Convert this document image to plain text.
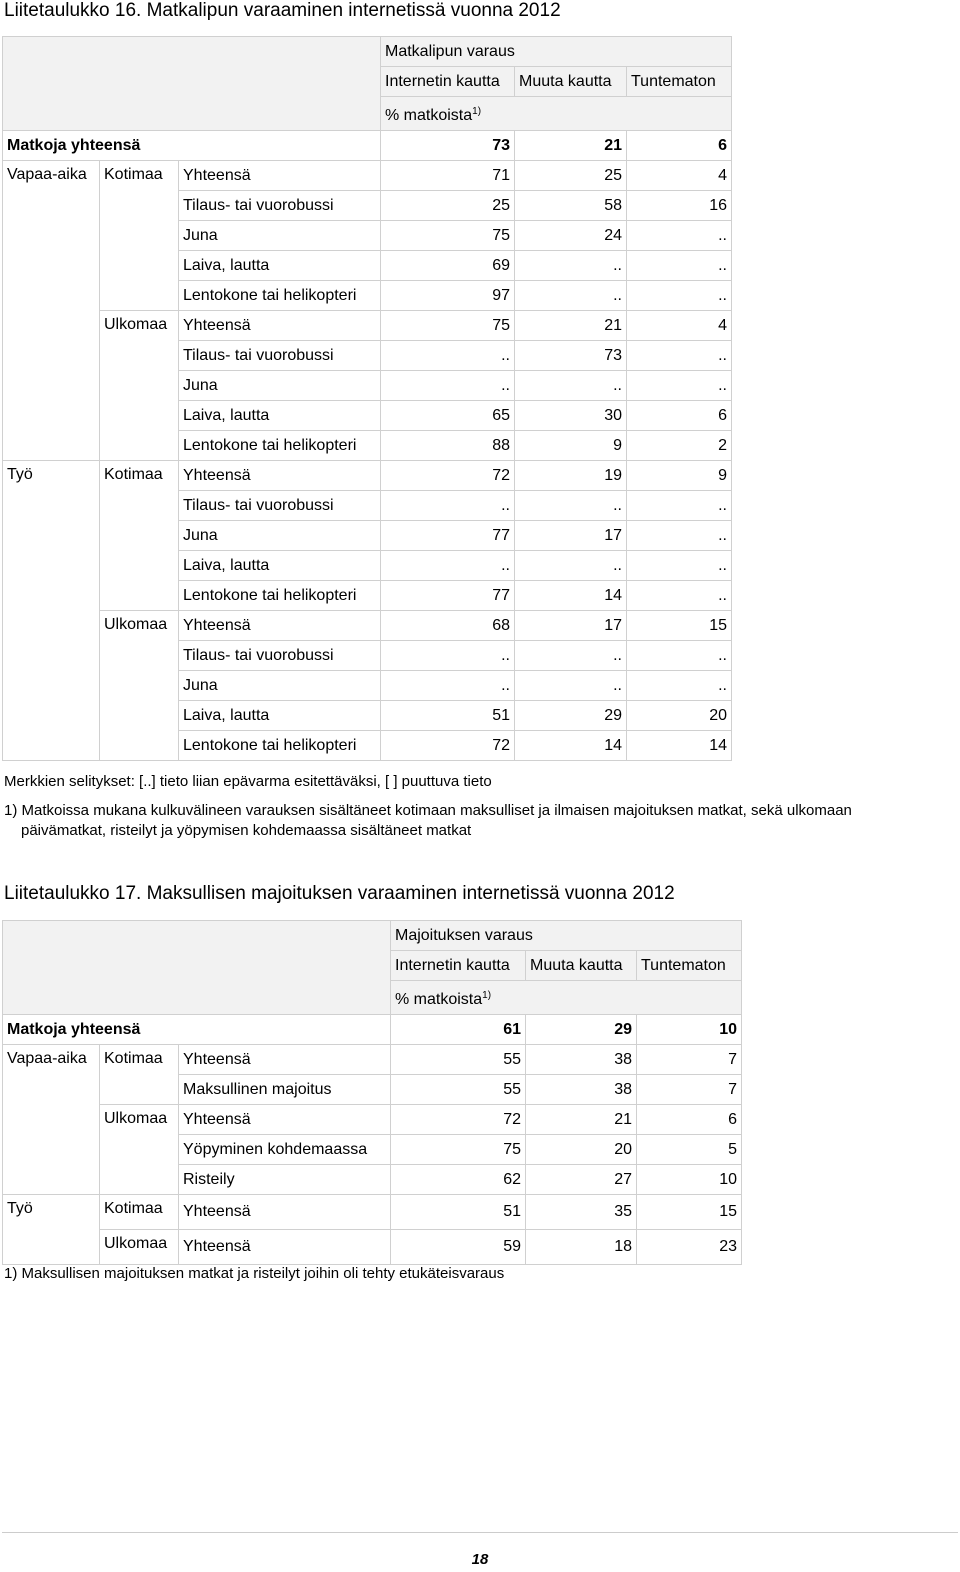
Liitetaulukko 16. Matkalipun varaaminen internetissä vuonna 2012
			Matkalipun varaus		
			Internetin kautta	Muuta kautta	Tuntematon
			% matkoista$^{1)}$
Matkoja yhteensä			73	21	6
Vapaa-aika	Kotimaa	Yhteensä	71	25	4
		Tilaus- tai vuorobussi	25	58	16
		Juna	75	24	..
		Laiva, lautta	69	..	..
		Lentokone tai helikopteri	97	..	..
	Ulkomaa	Yhteensä	75	21	4
		Tilaus- tai vuorobussi	..	73	..
		Juna	..	..	..
		Laiva, lautta	65	30	6
		Lentokone tai helikopteri	88	9	2
Työ	Kotimaa	Yhteensä	72	19	9
		Tilaus- tai vuorobussi	..	..	..
		Juna	77	17	..
		Laiva, lautta	..	..	..
		Lentokone tai helikopteri	77	14	..
	Ulkomaa	Yhteensä	68	17	15
		Tilaus- tai vuorobussi	..	..	..
		Juna	..	..	..
		Laiva, lautta	51	29	20
		Lentokone tai helikopteri	72	14	14
Merkkien selitykset: [..] tieto liian epävarma esitettäväksi, [ ] puuttuva tieto
1) Matkoissa mukana kulkuvälineen varauksen sisältäneet kotimaan maksulliset ja ilmaisen majoituksen matkat, sekä ulkomaan
päivämatkat, risteilyt ja yöpymisen kohdemaassa sisältäneet matkat
Liitetaulukko 17. Maksullisen majoituksen varaaminen internetissä vuonna 2012
			Majoituksen varaus		
			Internetin kautta	Muuta kautta	Tuntematon
			% matkoista$^{1)}$
Matkoja yhteensä			61	29	10
Vapaa-aika	Kotimaa	Yhteensä	55	38	7
		Maksullinen majoitus	55	38	7
	Ulkomaa	Yhteensä	72	21	6
		Yöpyminen kohdemaassa	75	20	5
		Risteily	62	27	10
Työ	Kotimaa	Yhteensä	51	35	15
	Ulkomaa	Yhteensä	59	18	23
1) Maksullisen majoituksen matkat ja risteilyt joihin oli tehty etukäteisvaraus
18
